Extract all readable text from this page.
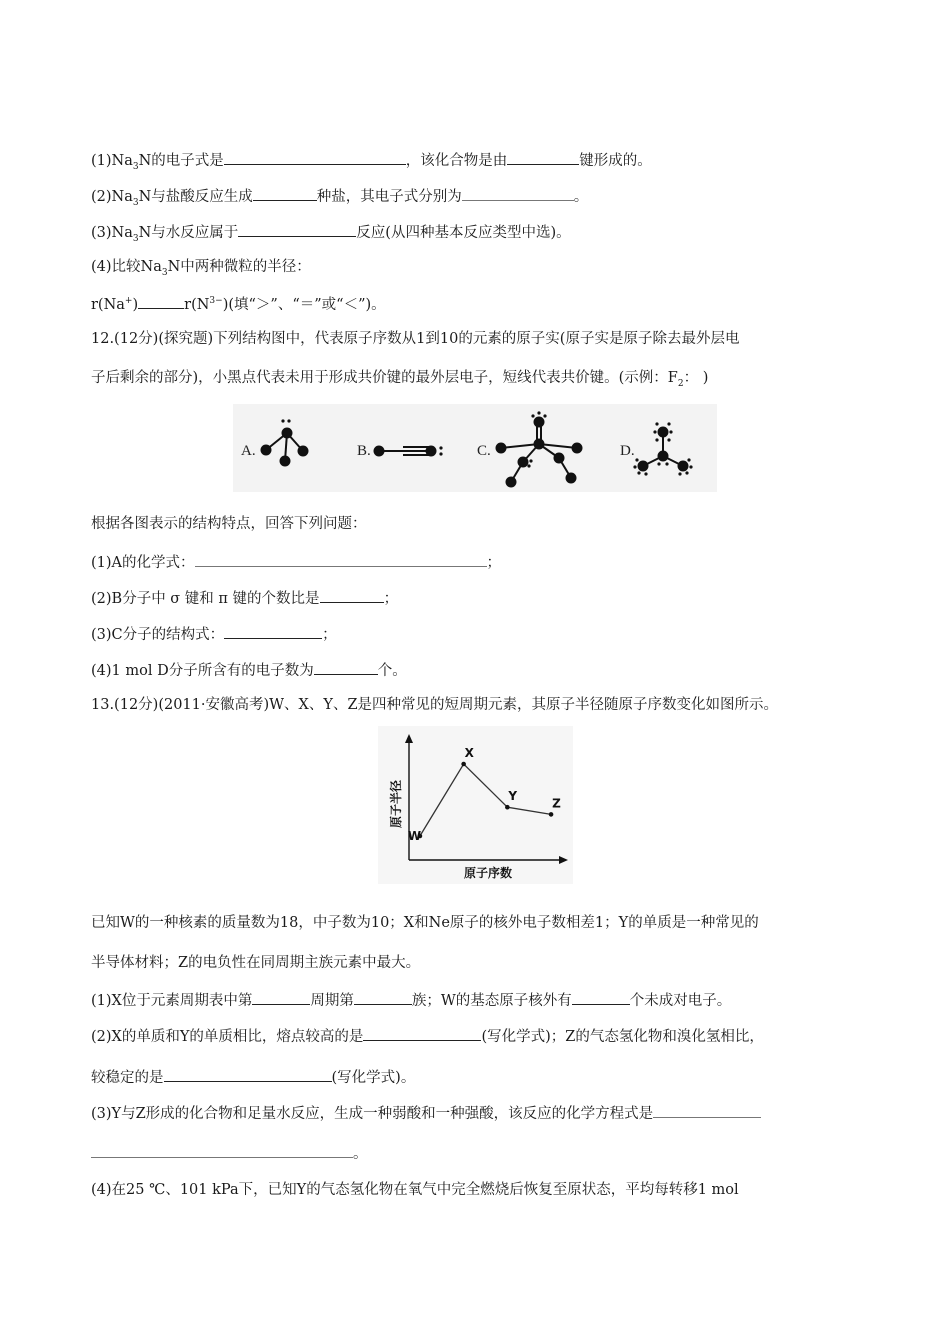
$(1)Na_3N$的电子式是	，该化合物是由	键形成的。
$(2)Na_3N$与盐酸反应生成	种盐，其电子式分别为	。
$(3)Na_3N$与水反应属于	反应(从四种基本反应类型中选)。
(4)比较$Na_3N$中两种微粒的半径：
r(Na+)	$r(N^{3-})$(填“＞”、“＝”或“＜”)。
12.(12分)(探究题)下列结构图中，代表原子序数从1到10的元素的原子实(原子实是原子除去最外层电
子后剩余的部分)，小黑点代表未用于形成共价键的最外层电子，短线代表共价键。(示例：$F_2$： )
A.	B.	C.	D.
根据各图表示的结构特点，回答下列问题：
(1)A的化学式：	；
(2)B分子中 σ 键和 π 键的个数比是	；
(3)C分子的结构式：	；
(4)1 mol D分子所含有的电子数为	个。
13.(12分)(2011·安徽高考)W、X、Y、Z是四种常见的短周期元素，其原子半径随原子序数变化如图所示。
原子序数
原子半径
W
X
Y
Z
已知W的一种核素的质量数为18，中子数为10；X和Ne原子的核外电子数相差1；Y的单质是一种常见的
半导体材料；Z的电负性在同周期主族元素中最大。
(1)X位于元素周期表中第	周期第	族；W的基态原子核外有	个未成对电子。
(2)X的单质和Y的单质相比，熔点较高的是	(写化学式)；Z的气态氢化物和溴化氢相比，
较稳定的是	(写化学式)。
(3)Y与Z形成的化合物和足量水反应，生成一种弱酸和一种强酸，该反应的化学方程式是
。
(4)在25 ℃、101 kPa下，已知Y的气态氢化物在氧气中完全燃烧后恢复至原状态，平均每转移1 mol
